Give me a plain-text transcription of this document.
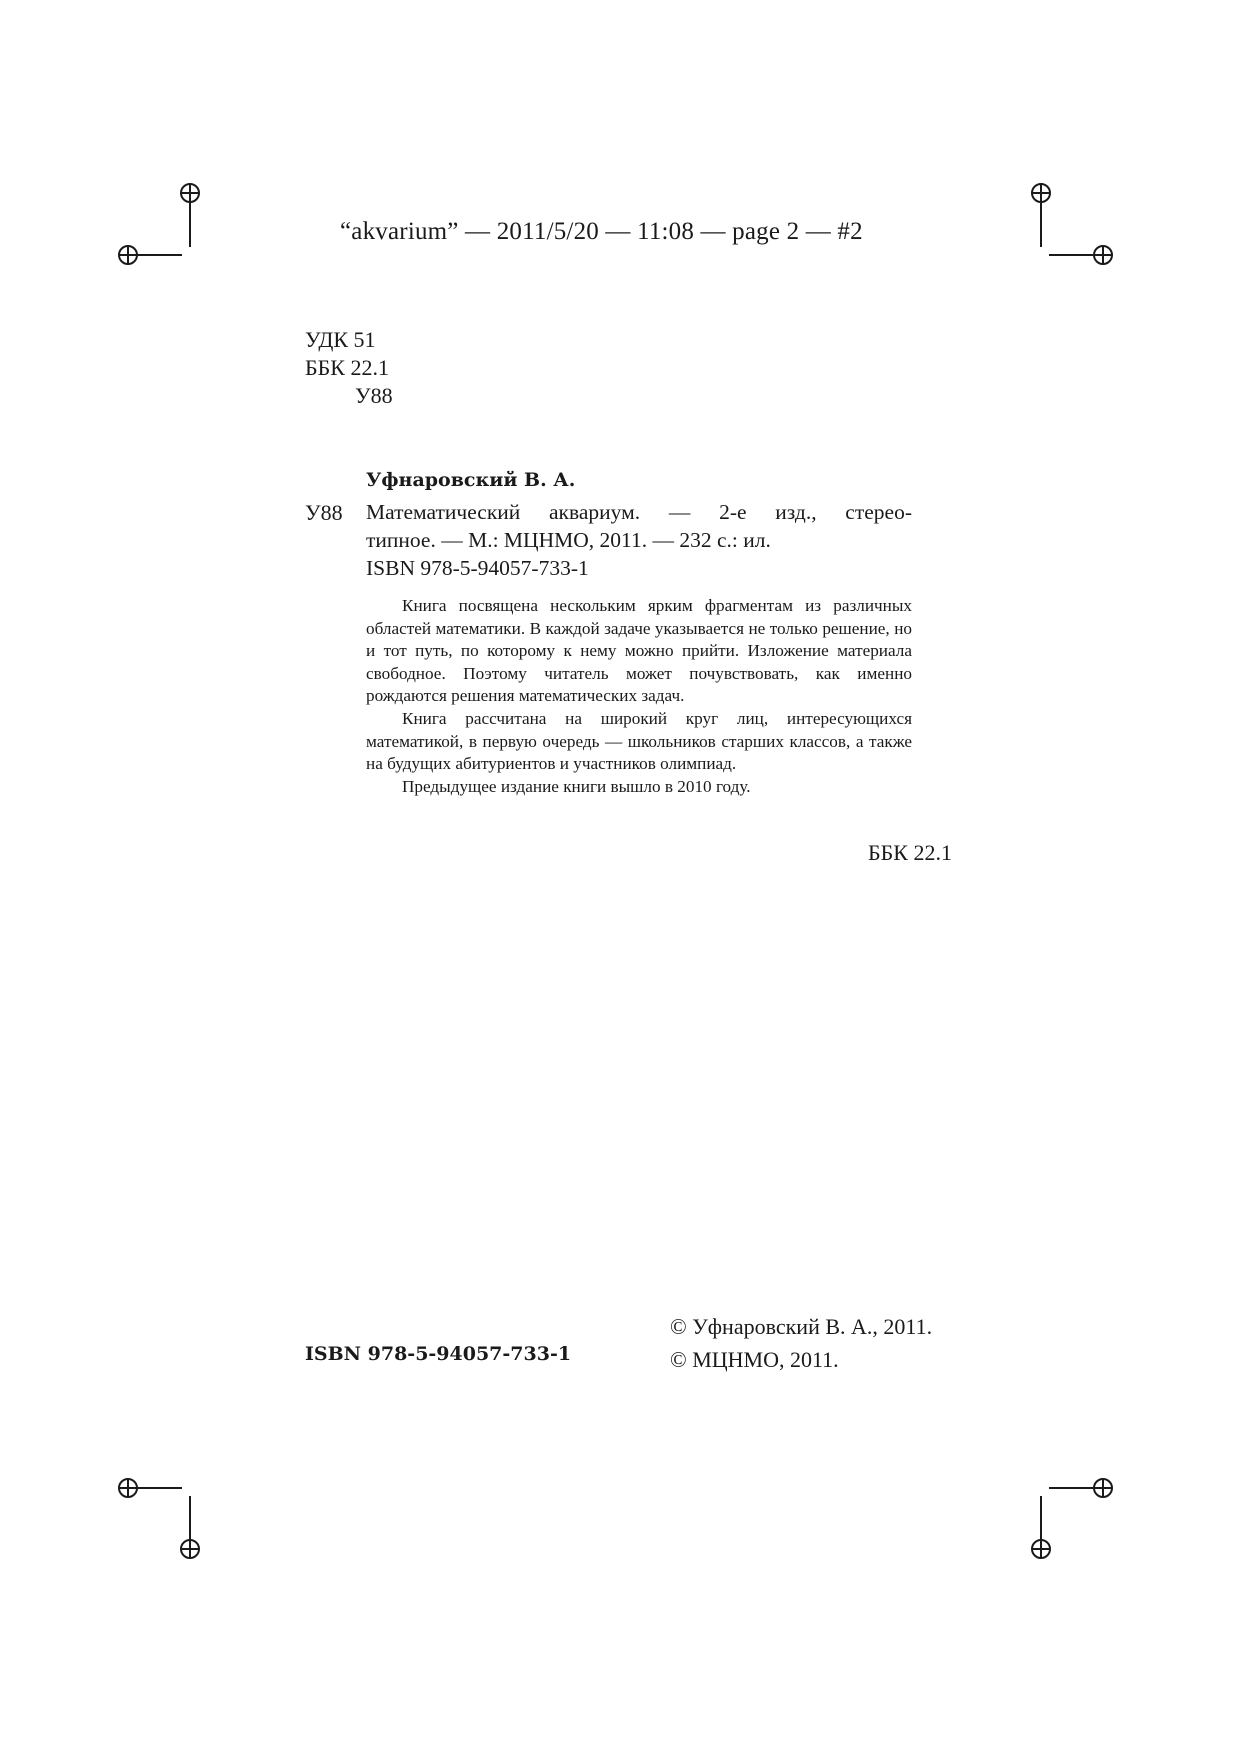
“akvarium” — 2011/5/20 — 11:08 — page 2 — #2
УДК 51
ББК 22.1
У88
Уфнаровский В. А.
У88 Математический аквариум. — 2-е изд., стерео-
типное. — М.: МЦНМО, 2011. — 232 с.: ил.
ISBN 978-5-94057-733-1

Книга посвящена нескольким ярким фрагментам из различных областей математики. В каждой задаче указывается не только решение, но и тот путь, по которому к нему можно прийти. Изложение материала свободное. Поэтому читатель может почувствовать, как именно рождаются решения математических задач.

Книга рассчитана на широкий круг лиц, интересующихся математикой, в первую очередь — школьников старших классов, а также на будущих абитуриентов и участников олимпиад.

Предыдущее издание книги вышло в 2010 году.

ББК 22.1
ISBN 978-5-94057-733-1
© Уфнаровский В. А., 2011.
© МЦНМО, 2011.
